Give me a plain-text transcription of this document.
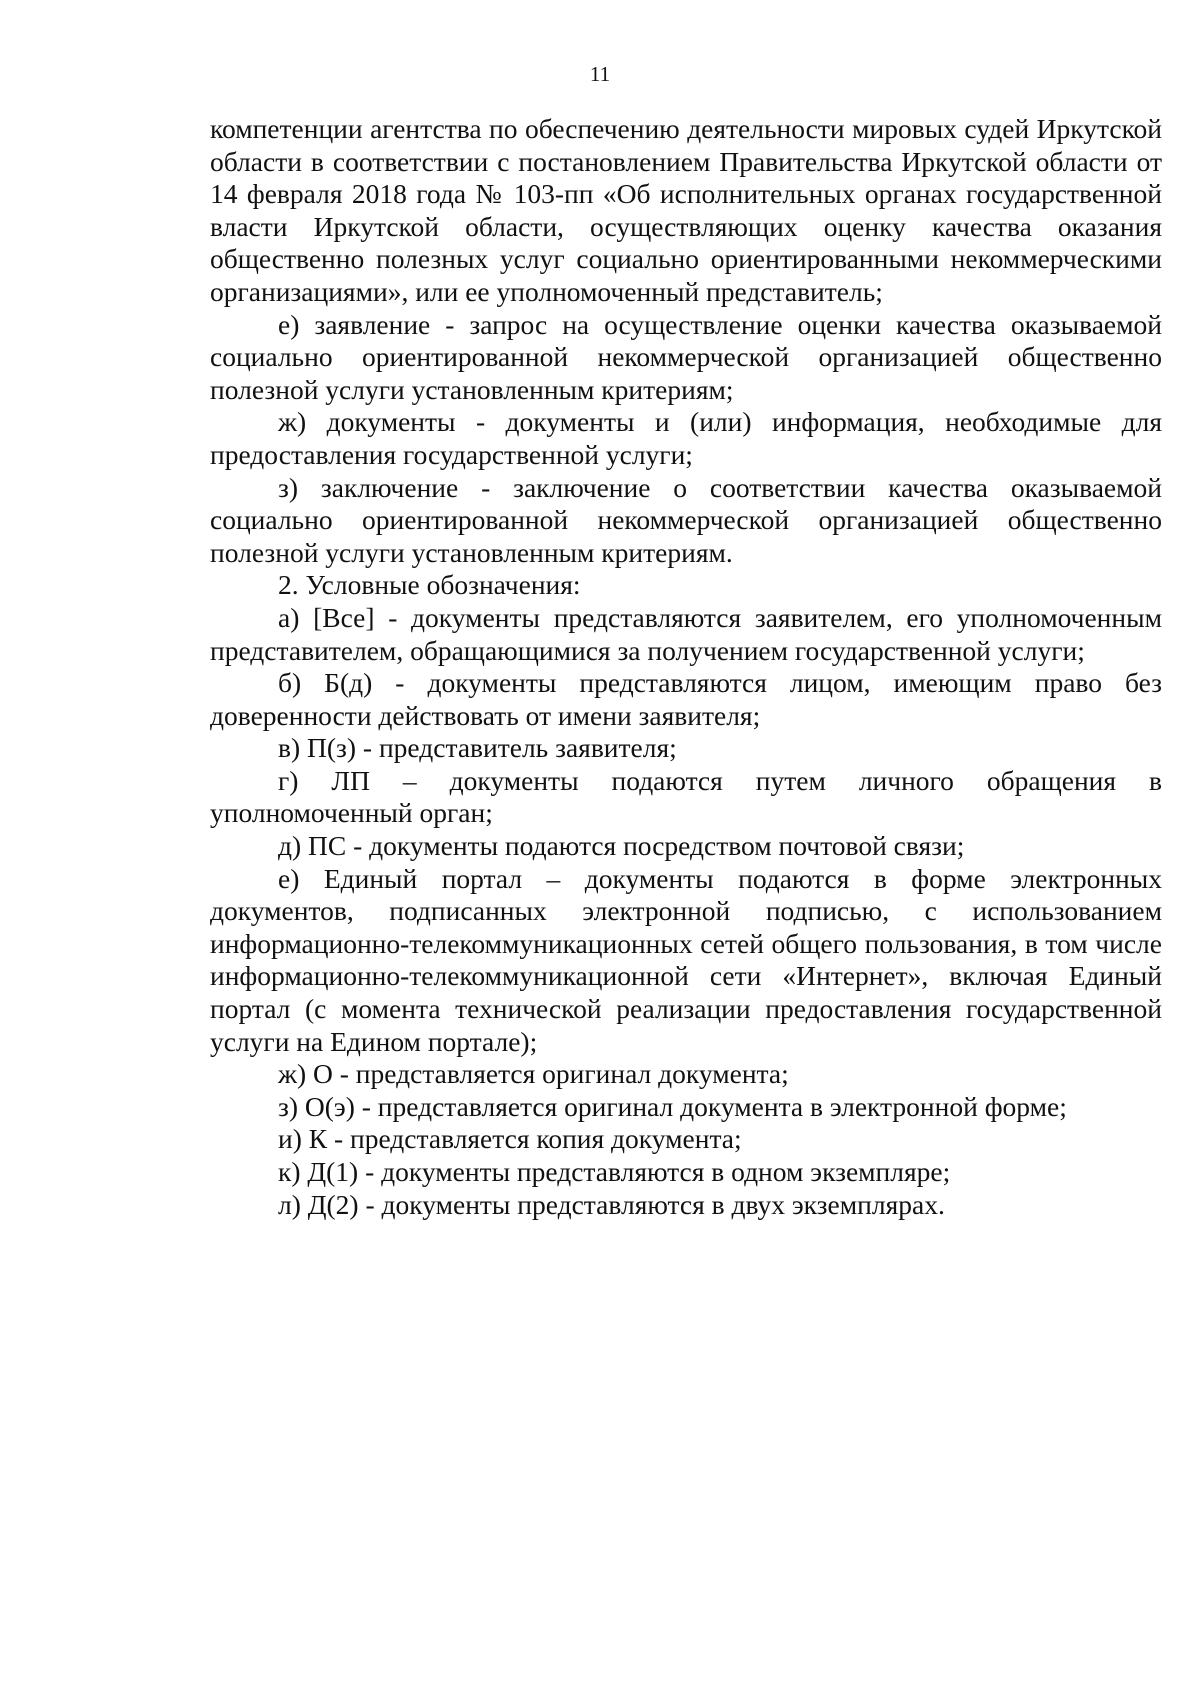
11

компетенции агентства по обеспечению деятельности мировых судей Иркутской области в соответствии с постановлением Правительства Иркутской области от 14 февраля 2018 года № 103-пп «Об исполнительных органах государственной власти Иркутской области, осуществляющих оценку качества оказания общественно полезных услуг социально ориентированными некоммерческими организациями», или ее уполномоченный представитель;

е) заявление - запрос на осуществление оценки качества оказываемой социально ориентированной некоммерческой организацией общественно полезной услуги установленным критериям;

ж) документы - документы и (или) информация, необходимые для предоставления государственной услуги;

з) заключение - заключение о соответствии качества оказываемой социально ориентированной некоммерческой организацией общественно полезной услуги установленным критериям.

2. Условные обозначения:

а) [Все] - документы представляются заявителем, его уполномоченным представителем, обращающимися за получением государственной услуги;

б) Б(д) - документы представляются лицом, имеющим право без доверенности действовать от имени заявителя;

в) П(з) - представитель заявителя;

г) ЛП – документы подаются путем личного обращения в уполномоченный орган;

д) ПС - документы подаются посредством почтовой связи;

е) Единый портал – документы подаются в форме электронных документов, подписанных электронной подписью, с использованием информационно-телекоммуникационных сетей общего пользования, в том числе информационно-телекоммуникационной сети «Интернет», включая Единый портал (с момента технической реализации предоставления государственной услуги на Едином портале);

ж) О - представляется оригинал документа;

з) О(э) - представляется оригинал документа в электронной форме;

и) К - представляется копия документа;

к) Д(1) - документы представляются в одном экземпляре;

л) Д(2) - документы представляются в двух экземплярах.
